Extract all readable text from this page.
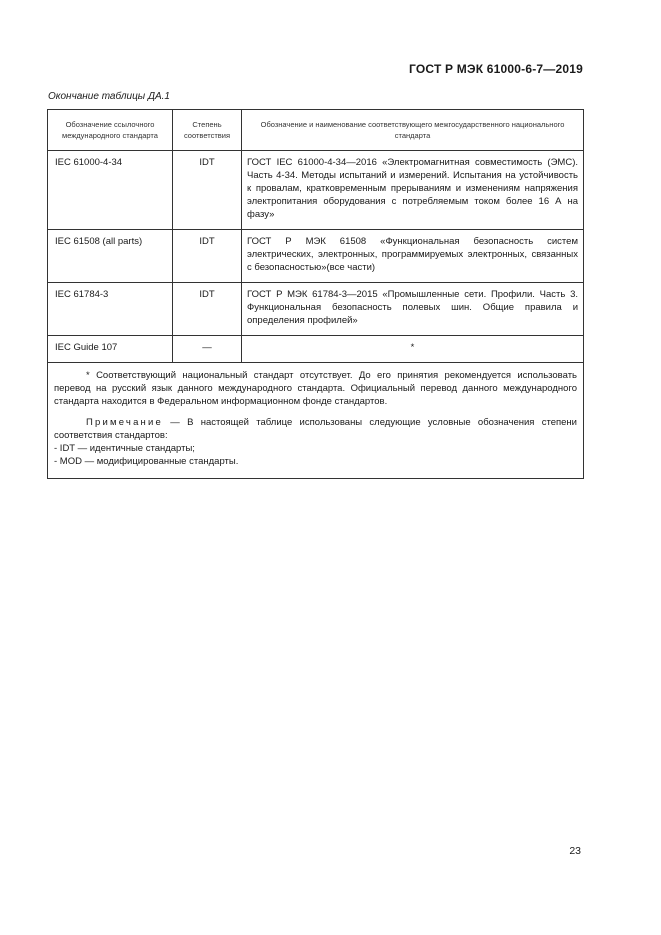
ГОСТ Р МЭК 61000-6-7—2019
Окончание таблицы ДА.1
Обозначение ссылочного международного стандарта	Степень соответствия	Обозначение и наименование соответствующего межгосударственного национального стандарта
IEC 61000-4-34	IDT	ГОСТ IEC 61000-4-34—2016 «Электромагнитная совместимость (ЭМС). Часть 4-34. Методы испытаний и измерений. Испытания на устойчивость к провалам, кратковременным прерываниям и изменениям напряжения электропитания оборудования с потребляемым током более 16 А на фазу»
IEC 61508 (all parts)	IDT	ГОСТ Р МЭК 61508 «Функциональная безопасность систем электрических, электронных, программируемых электронных, связанных с безопасностью»(все части)
IEC 61784-3	IDT	ГОСТ Р МЭК 61784-3—2015 «Промышленные сети. Профили. Часть 3. Функциональная безопасность полевых шин. Общие правила и определения профилей»
IEC Guide 107	—	*

* Соответствующий национальный стандарт отсутствует. До его принятия рекомендуется использовать перевод на русский язык данного международного стандарта. Официальный перевод данного международного стандарта находится в Федеральном информационном фонде стандартов.

Примечание — В настоящей таблице использованы следующие условные обозначения степени соответствия стандартов:

- IDT — идентичные стандарты;

- MOD — модифицированные стандарты.		

23
